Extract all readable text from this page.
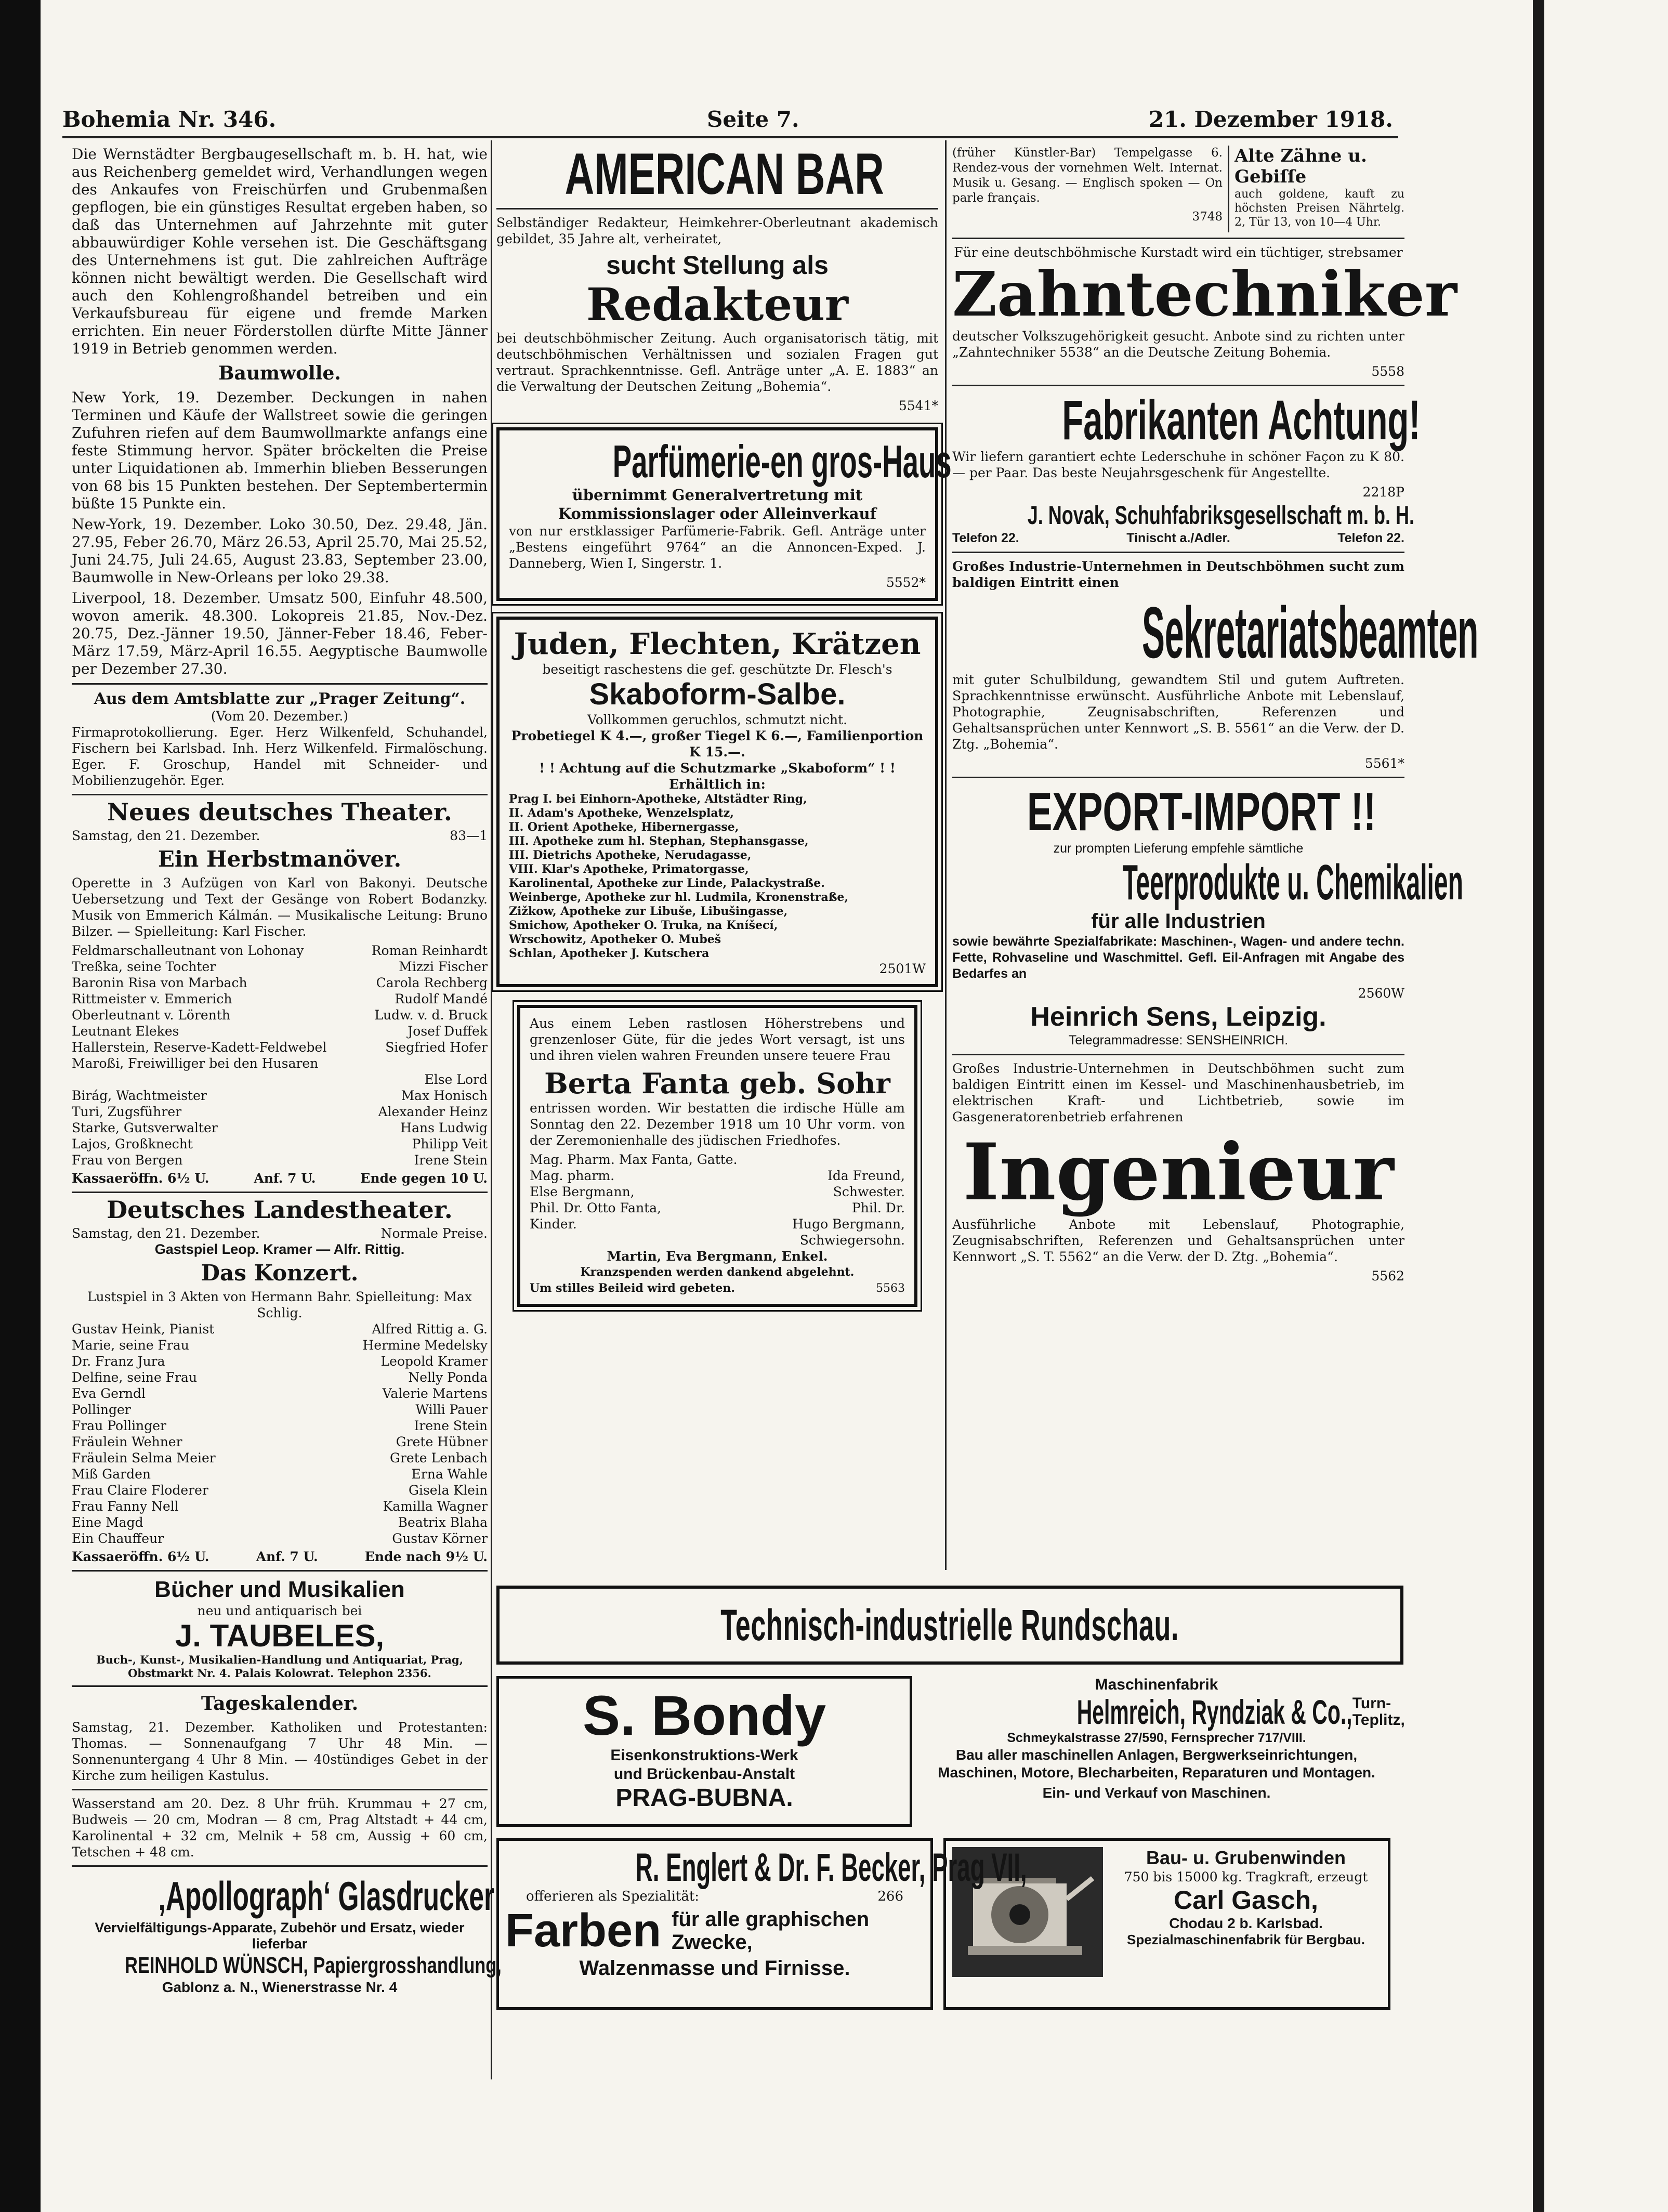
Bohemia Nr. 346.	Seite 7.	21. Dezember 1918.

Die Wernstädter Bergbaugesellschaft m. b. H. hat, wie aus Reichenberg gemeldet wird, Verhandlungen wegen des Ankaufes von Freischürfen und Grubenmaßen gepflogen, bie ein günstiges Resultat ergeben haben, so daß das Unternehmen auf Jahrzehnte mit guter abbauwürdiger Kohle versehen ist. Die Geschäftsgang des Unternehmens ist gut. Die zahlreichen Aufträge können nicht bewältigt werden. Die Gesellschaft wird auch den Kohlengroßhandel betreiben und ein Verkaufsbureau für eigene und fremde Marken errichten. Ein neuer Förderstollen dürfte Mitte Jänner 1919 in Betrieb genommen werden.

Baumwolle.

New York, 19. Dezember. Deckungen in nahen Terminen und Käufe der Wallstreet sowie die geringen Zufuhren riefen auf dem Baumwollmarkte anfangs eine feste Stimmung hervor. Später bröckelten die Preise unter Liquidationen ab. Immerhin blieben Besserungen von 68 bis 15 Punkten bestehen. Der Septembertermin büßte 15 Punkte ein.

New-York, 19. Dezember. Loko 30.50, Dez. 29.48, Jän. 27.95, Feber 26.70, März 26.53, April 25.70, Mai 25.52, Juni 24.75, Juli 24.65, August 23.83, September 23.00, Baumwolle in New-Orleans per loko 29.38.

Liverpool, 18. Dezember. Umsatz 500, Einfuhr 48.500, wovon amerik. 48.300. Lokopreis 21.85, Nov.-Dez. 20.75, Dez.-Jänner 19.50, Jänner-Feber 18.46, Feber-März 17.59, März-April 16.55. Aegyptische Baumwolle per Dezember 27.30.

Aus dem Amtsblatte zur „Prager Zeitung“.
(Vom 20. Dezember.)

Firmaprotokollierung. Eger. Herz Wilkenfeld, Schuhandel, Fischern bei Karlsbad. Inh. Herz Wilkenfeld. Firmalöschung. Eger. F. Groschup, Handel mit Schneider- und Mobilienzugehör. Eger.

Neues deutsches Theater.
Samstag, den 21. Dezember.	83—1
Ein Herbstmanöver.

Operette in 3 Aufzügen von Karl von Bakonyi. Deutsche Uebersetzung und Text der Gesänge von Robert Bodanzky. Musik von Emmerich Kálmán. — Musikalische Leitung: Bruno Bilzer. — Spielleitung: Karl Fischer.

Feldmarschalleutnant von Lohonay	Roman Reinhardt
Treßka, seine Tochter	Mizzi Fischer
Baronin Risa von Marbach	Carola Rechberg
Rittmeister v. Emmerich	Rudolf Mandé
Oberleutnant v. Lörenth	Ludw. v. d. Bruck
Leutnant Elekes	Josef Duffek
Hallerstein, Reserve-Kadett-Feldwebel	Siegfried Hofer
Maroßi, Freiwilliger bei den Husaren
Else Lord
Birág, Wachtmeister	Max Honisch
Turi, Zugsführer	Alexander Heinz
Starke, Gutsverwalter	Hans Ludwig
Lajos, Großknecht	Philipp Veit
Frau von Bergen	Irene Stein
Kassaeröffn. 6½ U.	Anf. 7 U.	Ende gegen 10 U.
Deutsches Landestheater.
Samstag, den 21. Dezember.	Normale Preise.
Gastspiel Leop. Kramer — Alfr. Rittig.
Das Konzert.
Lustspiel in 3 Akten von Hermann Bahr. Spielleitung: Max Schlig.
Gustav Heink, Pianist	Alfred Rittig a. G.
Marie, seine Frau	Hermine Medelsky
Dr. Franz Jura	Leopold Kramer
Delfine, seine Frau	Nelly Ponda
Eva Gerndl	Valerie Martens
Pollinger	Willi Pauer
Frau Pollinger	Irene Stein
Fräulein Wehner	Grete Hübner
Fräulein Selma Meier	Grete Lenbach
Miß Garden	Erna Wahle
Frau Claire Floderer	Gisela Klein
Frau Fanny Nell	Kamilla Wagner
Eine Magd	Beatrix Blaha
Ein Chauffeur	Gustav Körner
Kassaeröffn. 6½ U.	Anf. 7 U.	Ende nach 9½ U.
Bücher und Musikalien
neu und antiquarisch bei
J. TAUBELES,
Buch-, Kunst-, Musikalien-Handlung und Antiquariat, Prag, Obstmarkt Nr. 4. Palais Kolowrat. Telephon 2356.
Tageskalender.

Samstag, 21. Dezember. Katholiken und Protestanten: Thomas. — Sonnenaufgang 7 Uhr 48 Min. — Sonnenuntergang 4 Uhr 8 Min. — 40stündiges Gebet in der Kirche zum heiligen Kastulus.

Wasserstand am 20. Dez. 8 Uhr früh. Krummau + 27 cm, Budweis — 20 cm, Modran — 8 cm, Prag Altstadt + 44 cm, Karolinental + 32 cm, Melnik + 58 cm, Aussig + 60 cm, Tetschen + 48 cm.

‚Apollograph‘ Glasdrucker
Vervielfältigungs-Apparate, Zubehör und Ersatz, wieder lieferbar
REINHOLD WÜNSCH, Papiergrosshandlung,
Gablonz a. N., Wienerstrasse Nr. 4
AMERICAN BAR

Selbständiger Redakteur, Heimkehrer-Oberleutnant akademisch gebildet, 35 Jahre alt, verheiratet,

sucht Stellung als
Redakteur

bei deutschböhmischer Zeitung. Auch organisatorisch tätig, mit deutschböhmischen Verhältnissen und sozialen Fragen gut vertraut. Sprachkenntnisse. Gefl. Anträge unter „A. E. 1883“ an die Verwaltung der Deutschen Zeitung „Bohemia“.

5541*
Parfümerie-en gros-Haus
übernimmt Generalvertretung mit Kommissionslager oder Alleinverkauf

von nur erstklassiger Parfümerie-Fabrik. Gefl. Anträge unter „Bestens eingeführt 9764“ an die Annoncen-Exped. J. Danneberg, Wien I, Singerstr. 1.

5552*
Juden, Flechten, Krätzen
beseitigt raschestens die gef. geschützte Dr. Flesch's
Skaboform-Salbe.
Vollkommen geruchlos, schmutzt nicht.
Probetiegel K 4.—, großer Tiegel K 6.—, Familienportion K 15.—.
! ! Achtung auf die Schutzmarke „Skaboform“ ! !
Erhältlich in:
Prag I. bei Einhorn-Apotheke, Altstädter Ring,
II. Adam's Apotheke, Wenzelsplatz,
II. Orient Apotheke, Hibernergasse,
III. Apotheke zum hl. Stephan, Stephansgasse,
III. Dietrichs Apotheke, Nerudagasse,
VIII. Klar's Apotheke, Primatorgasse,
Karolinental, Apotheke zur Linde, Palackystraße.
Weinberge, Apotheke zur hl. Ludmila, Kronenstraße,
Zižkow, Apotheke zur Libuše, Libušingasse,
Smichow, Apotheker O. Truka, na Kníšecí,
Wrschowitz, Apotheker O. Mubeš
Schlan, Apotheker J. Kutschera
2501W

Aus einem Leben rastlosen Höherstrebens und grenzenloser Güte, für die jedes Wort versagt, ist uns und ihren vielen wahren Freunden unsere teuere Frau

Berta Fanta geb. Sohr

entrissen worden. Wir bestatten die irdische Hülle am Sonntag den 22. Dezember 1918 um 10 Uhr vorm. von der Zeremonienhalle des jüdischen Friedhofes.

Mag. Pharm. Max Fanta, Gatte.
Mag. pharm.	Ida Freund,
Else Bergmann,	Schwester.
Phil. Dr. Otto Fanta,	Phil. Dr.
Kinder.	Hugo Bergmann,
Schwiegersohn.
Martin, Eva Bergmann, Enkel.
Kranzspenden werden dankend abgelehnt.
Um stilles Beileid wird gebeten.	5563

(früher Künstler-Bar) Tempelgasse 6. Rendez-vous der vornehmen Welt. Internat. Musik u. Gesang. — Englisch spoken — On parle français.

3748
Alte Zähne u. Gebiſſe

auch goldene, kauft zu höchsten Preisen Nährtelg. 2, Tür 13, von 10—4 Uhr.

Für eine deutschböhmische Kurstadt wird ein tüchtiger, strebsamer
Zahntechniker

deutscher Volkszugehörigkeit gesucht. Anbote sind zu richten unter „Zahntechniker 5538“ an die Deutsche Zeitung Bohemia.

5558
Fabrikanten Achtung!

Wir liefern garantiert echte Lederschuhe in schöner Façon zu K 80.— per Paar. Das beste Neujahrsgeschenk für Angestellte.

2218P
J. Novak, Schuhfabriksgesellschaft m. b. H.
Telefon 22.	Tinischt a./Adler.	Telefon 22.

Großes Industrie-Unternehmen in Deutschböhmen sucht zum baldigen Eintritt einen

Sekretariatsbeamten

mit guter Schulbildung, gewandtem Stil und gutem Auftreten. Sprachkenntnisse erwünscht. Ausführliche Anbote mit Lebenslauf, Photographie, Zeugnisabschriften, Referenzen und Gehaltsansprüchen unter Kennwort „S. B. 5561“ an die Verw. der D. Ztg. „Bohemia“.

5561*
EXPORT-IMPORT !!
zur prompten Lieferung empfehle sämtliche
Teerprodukte u. Chemikalien
für alle Industrien

sowie bewährte Spezialfabrikate: Maschinen-, Wagen- und andere techn. Fette, Rohvaseline und Waschmittel. Gefl. Eil-Anfragen mit Angabe des Bedarfes an

2560W
Heinrich Sens, Leipzig.
Telegrammadresse: SENSHEINRICH.

Großes Industrie-Unternehmen in Deutschböhmen sucht zum baldigen Eintritt einen im Kessel- und Maschinenhausbetrieb, im elektrischen Kraft- und Lichtbetrieb, sowie im Gasgeneratorenbetrieb erfahrenen

Ingenieur

Ausführliche Anbote mit Lebenslauf, Photographie, Zeugnisabschriften, Referenzen und Gehaltsansprüchen unter Kennwort „S. T. 5562“ an die Verw. der D. Ztg. „Bohemia“.

5562
Technisch-industrielle Rundschau.
S. Bondy
Eisenkonstruktions-Werk
und Brückenbau-Anstalt
PRAG-BUBNA.
Maschinenfabrik
Helmreich, Ryndziak & Co., Turn-Teplitz,
Schmeykalstrasse 27/590, Fernsprecher 717/VIII.

Bau aller maschinellen Anlagen, Bergwerkseinrichtungen, Maschinen, Motore, Blecharbeiten, Reparaturen und Montagen.

Ein- und Verkauf von Maschinen.
R. Englert & Dr. F. Becker, Prag VII,
offerieren als Spezialität:	266
Farben für alle graphischen Zwecke,
Walzenmasse und Firnisse.
Bau- u. Grubenwinden
750 bis 15000 kg. Tragkraft, erzeugt
Carl Gasch,
Chodau 2 b. Karlsbad.
Spezialmaschinenfabrik für Bergbau.
